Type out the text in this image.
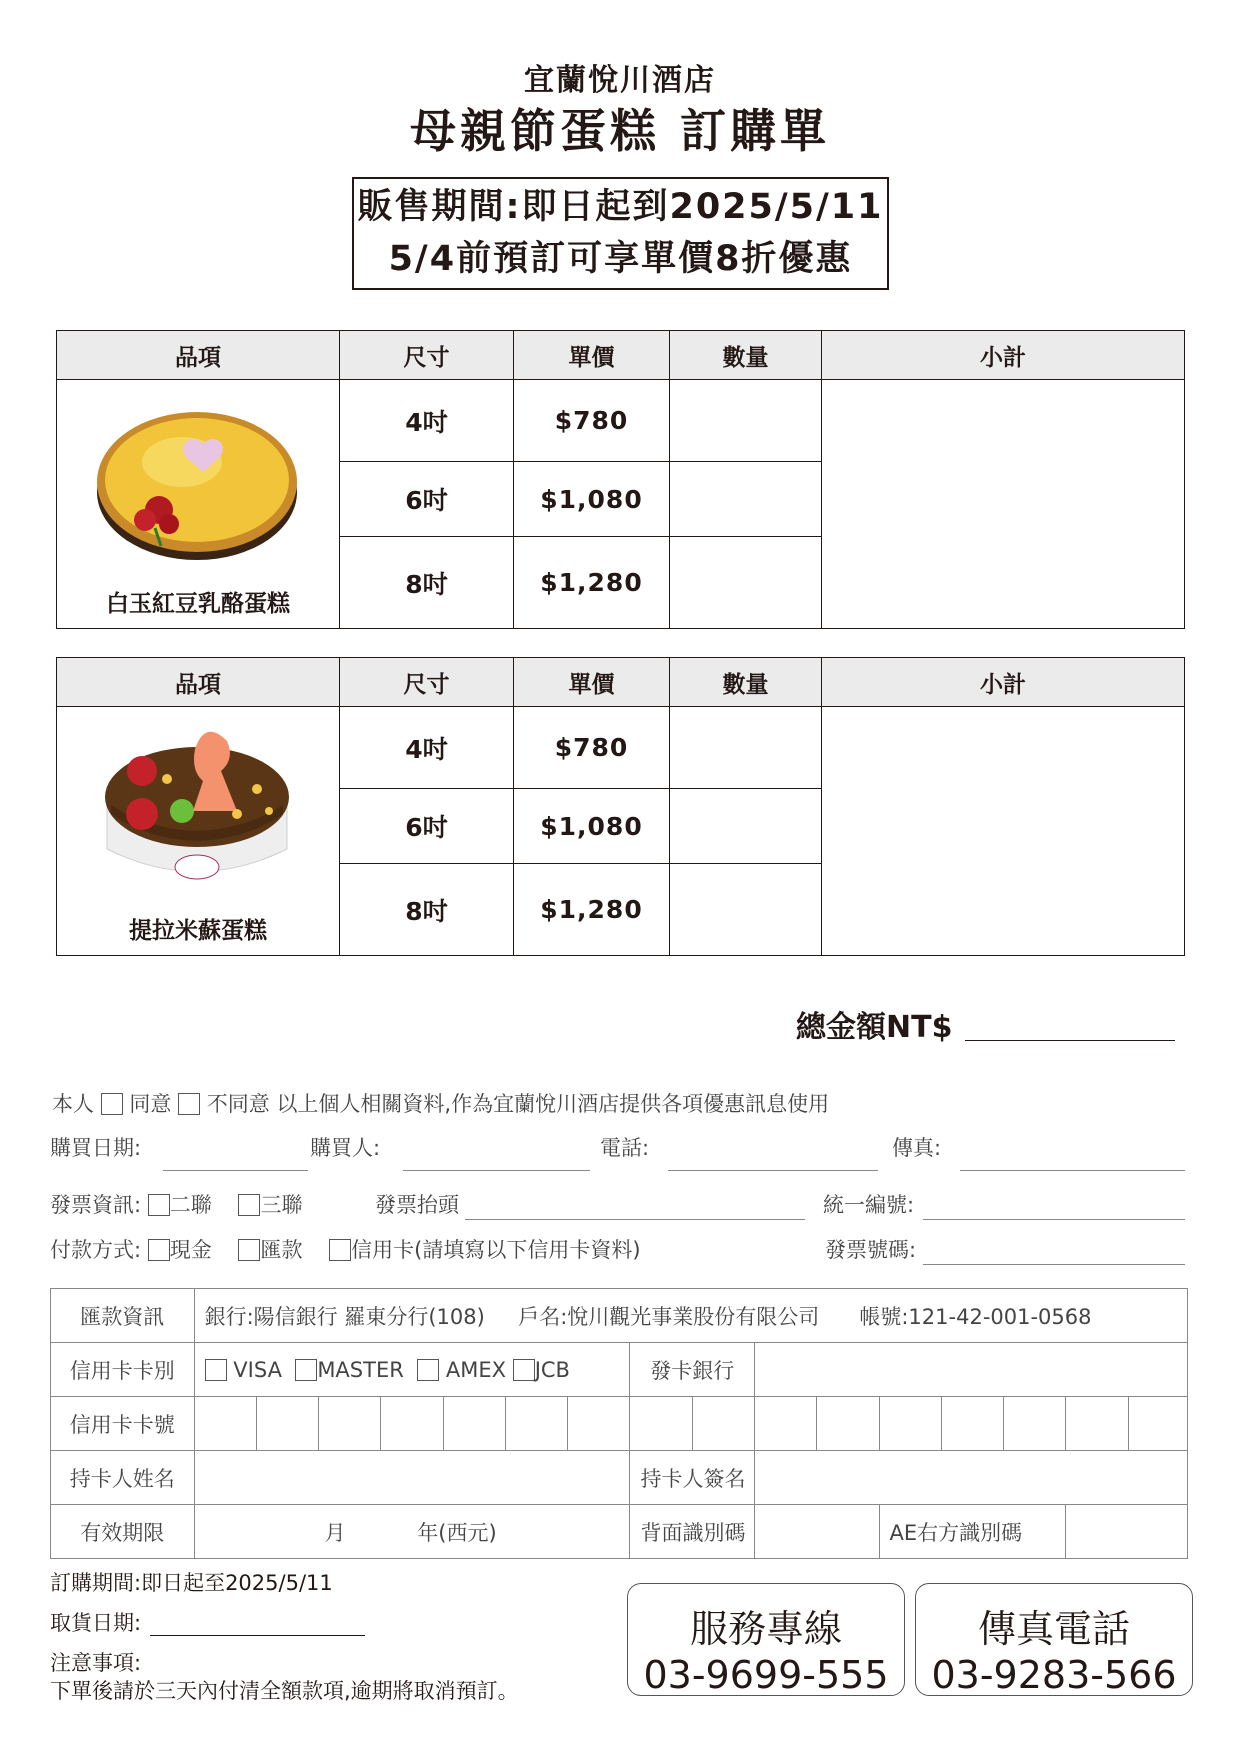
宜蘭悅川酒店
母親節蛋糕 訂購單
販售期間:即日起到2025/5/11
5/4前預訂可享單價8折優惠
品項	尺寸	單價	數量	小計

白玉紅豆乳酪蛋糕	4吋	$780		
	6吋	$1,080		
	8吋	$1,280		
品項	尺寸	單價	數量	小計

提拉米蘇蛋糕	4吋	$780		
	6吋	$1,080		
	8吋	$1,280		
總金額NT$
本人 同意 不同意 以上個人相關資料,作為宜蘭悅川酒店提供各項優惠訊息使用
購買日期:	購買人:	電話:	傳真:
發票資訊: 二聯 三聯	發票抬頭	統一編號:
付款方式: 現金 匯款 信用卡(請填寫以下信用卡資料)	發票號碼:
匯款資訊	銀行:陽信銀行 羅東分行(108) 戶名:悅川觀光事業股份有限公司 帳號:121-42-001-0568															
信用卡卡別	VISA MASTER AMEX JCB							發卡銀行								
信用卡卡號																
持卡人姓名								持卡人簽名								
有效期限	月 年(西元)							背面識別碼				AE右方識別碼				
訂購期間:即日起至2025/5/11
取貨日期:
注意事項:
下單後請於三天內付清全額款項,逾期將取消預訂。
服務專線
03-9699-555
傳真電話
03-9283-566
